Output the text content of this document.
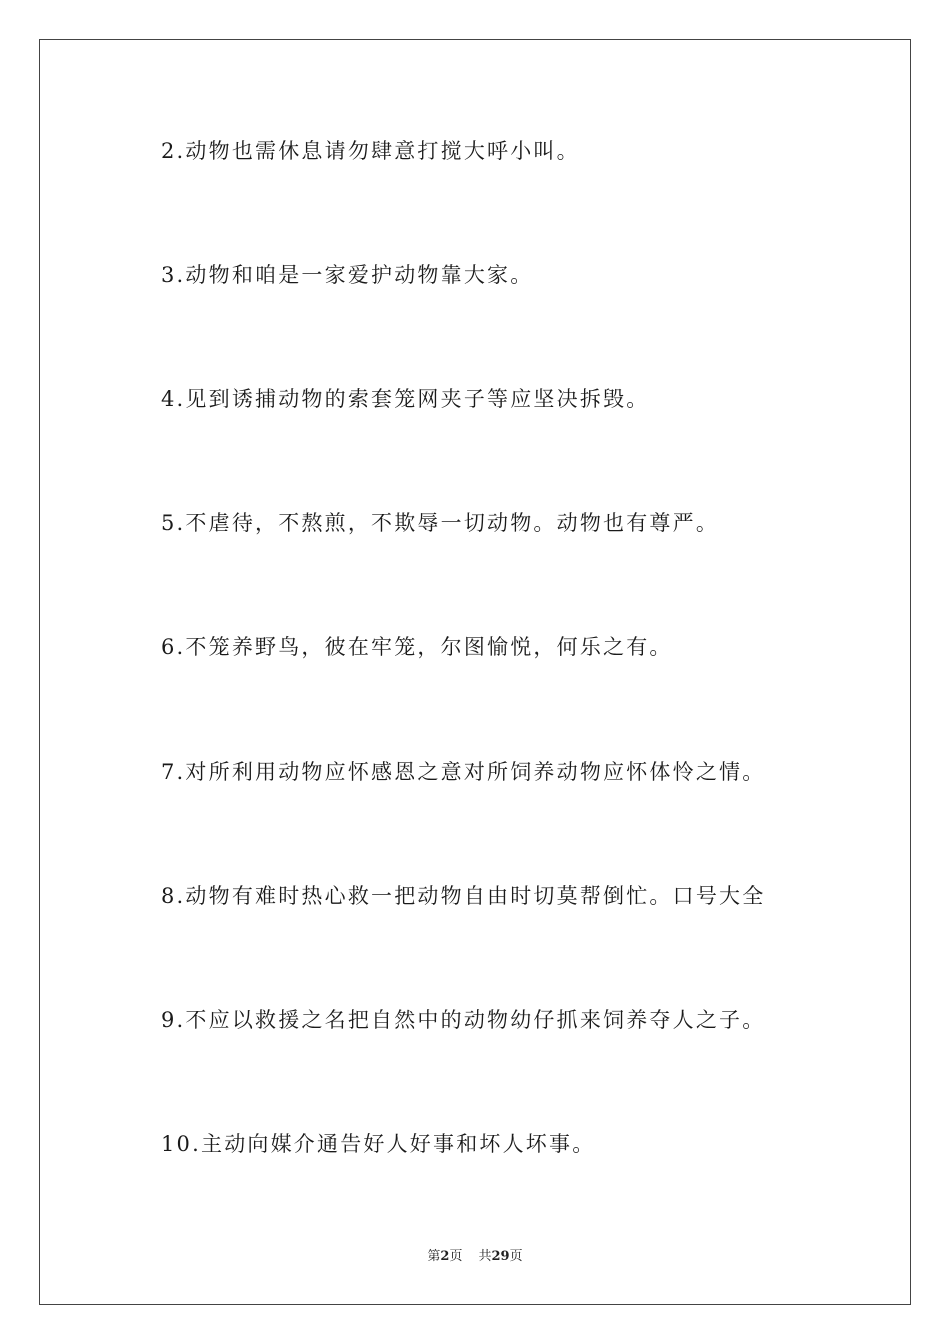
2.动物也需休息请勿肆意打搅大呼小叫。
3.动物和咱是一家爱护动物靠大家。
4.见到诱捕动物的索套笼网夹子等应坚决拆毁。
5.不虐待，不熬煎，不欺辱一切动物。动物也有尊严。
6.不笼养野鸟，彼在牢笼，尔图愉悦，何乐之有。
7.对所利用动物应怀感恩之意对所饲养动物应怀体怜之情。
8.动物有难时热心救一把动物自由时切莫帮倒忙。口号大全
9.不应以救援之名把自然中的动物幼仔抓来饲养夺人之子。
10.主动向媒介通告好人好事和坏人坏事。
第2页 共29页
